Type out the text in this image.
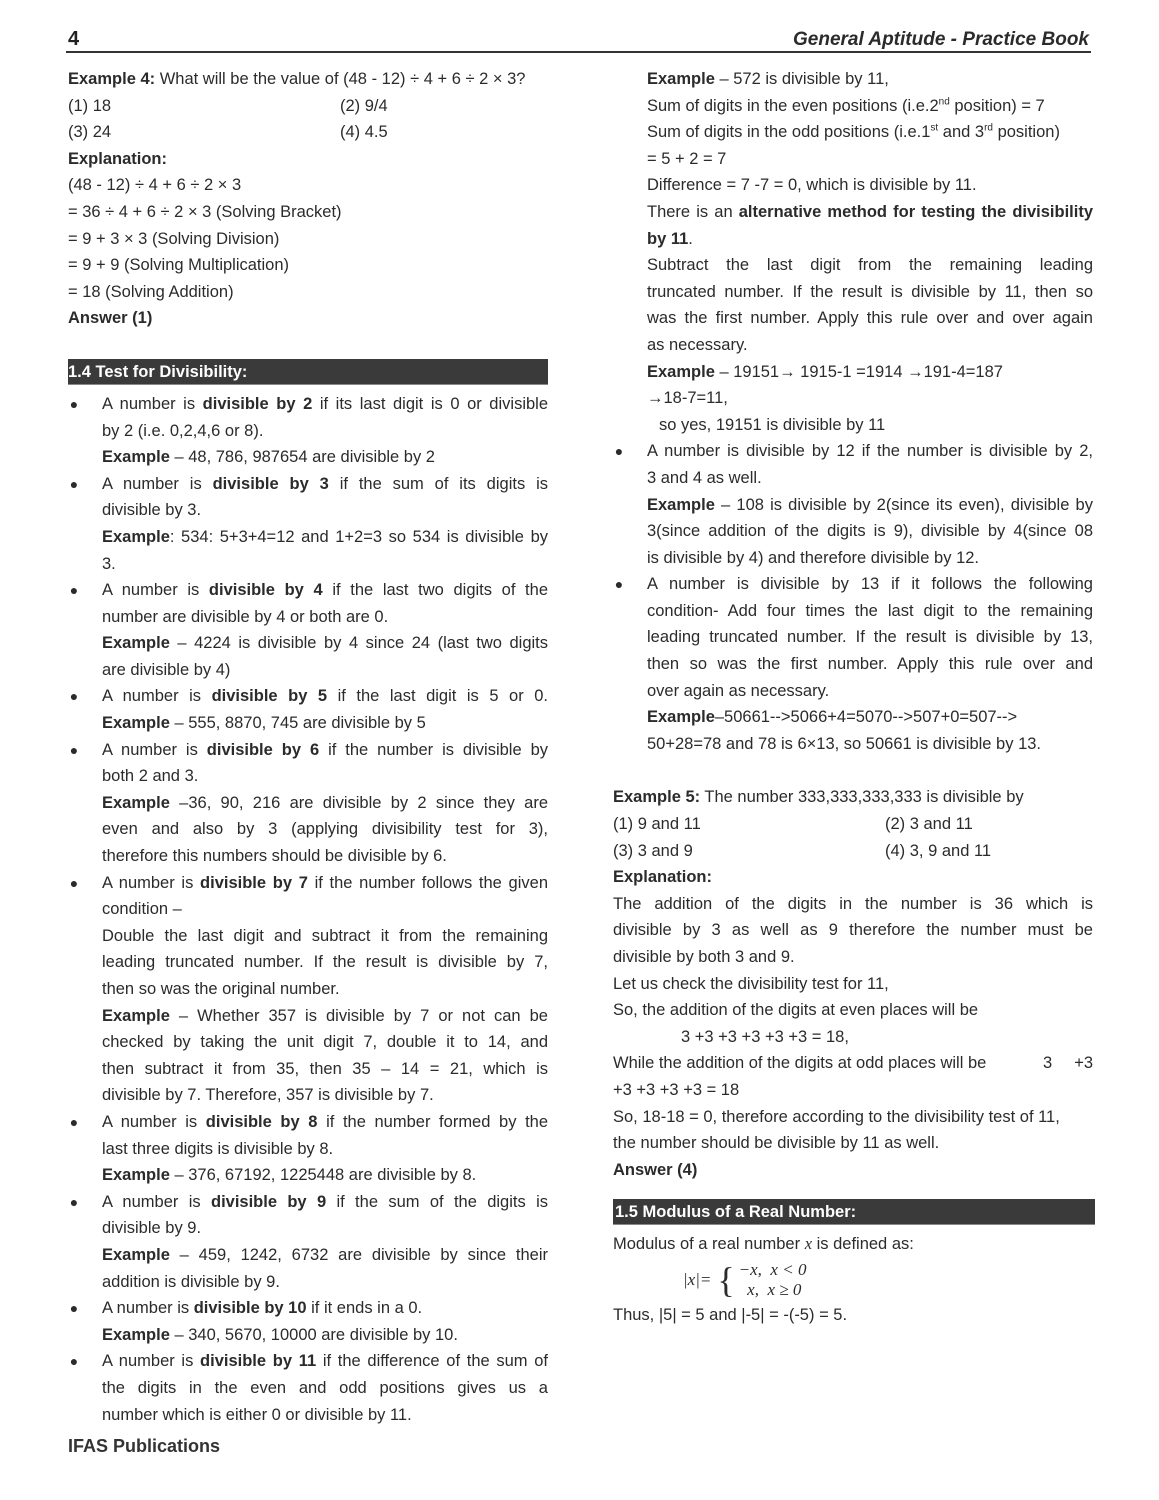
4	General Aptitude - Practice Book
Example 4: What will be the value of (48 - 12) ÷ 4 + 6 ÷ 2 × 3?
(1) 18	(2) 9/4
(3) 24	(4) 4.5
Explanation:
(48 - 12) ÷ 4 + 6 ÷ 2 × 3
= 36 ÷ 4 + 6 ÷ 2 × 3 (Solving Bracket)
= 9 + 3 × 3 (Solving Division)
= 9 + 9 (Solving Multiplication)
= 18 (Solving Addition)
Answer (1)
1.4 Test for Divisibility:
● A number is divisible by 2 if its last digit is 0 or divisible
by 2 (i.e. 0,2,4,6 or 8).
Example – 48, 786, 987654 are divisible by 2
● A number is divisible by 3 if the sum of its digits is
divisible by 3.
Example: 534: 5+3+4=12 and 1+2=3 so 534 is divisible by
3.
● A number is divisible by 4 if the last two digits of the
number are divisible by 4 or both are 0.
Example – 4224 is divisible by 4 since 24 (last two digits
are divisible by 4)
● A number is divisible by 5 if the last digit is 5 or 0.
Example – 555, 8870, 745 are divisible by 5
● A number is divisible by 6 if the number is divisible by
both 2 and 3.
Example –36, 90, 216 are divisible by 2 since they are
even and also by 3 (applying divisibility test for 3),
therefore this numbers should be divisible by 6.
● A number is divisible by 7 if the number follows the given
condition –
Double the last digit and subtract it from the remaining
leading truncated number. If the result is divisible by 7,
then so was the original number.
Example – Whether 357 is divisible by 7 or not can be
checked by taking the unit digit 7, double it to 14, and
then subtract it from 35, then 35 – 14 = 21, which is
divisible by 7. Therefore, 357 is divisible by 7.
● A number is divisible by 8 if the number formed by the
last three digits is divisible by 8.
Example – 376, 67192, 1225448 are divisible by 8.
● A number is divisible by 9 if the sum of the digits is
divisible by 9.
Example – 459, 1242, 6732 are divisible by since their
addition is divisible by 9.
● A number is divisible by 10 if it ends in a 0.
Example – 340, 5670, 10000 are divisible by 10.
● A number is divisible by 11 if the difference of the sum of
the digits in the even and odd positions gives us a
number which is either 0 or divisible by 11.
Example – 572 is divisible by 11,
Sum of digits in the even positions (i.e.2nd position) = 7
Sum of digits in the odd positions (i.e.1st and 3rd position)
= 5 + 2 = 7
Difference = 7 -7 = 0, which is divisible by 11.
There is an alternative method for testing the divisibility
by 11.
Subtract the last digit from the remaining leading
truncated number. If the result is divisible by 11, then so
was the first number. Apply this rule over and over again
as necessary.
Example – 19151→ 1915-1 =1914 →191-4=187
→18-7=11,
so yes, 19151 is divisible by 11
● A number is divisible by 12 if the number is divisible by 2,
3 and 4 as well.
Example – 108 is divisible by 2(since its even), divisible by
3(since addition of the digits is 9), divisible by 4(since 08
is divisible by 4) and therefore divisible by 12.
● A number is divisible by 13 if it follows the following
condition- Add four times the last digit to the remaining
leading truncated number. If the result is divisible by 13,
then so was the first number. Apply this rule over and
over again as necessary.
Example–50661-->5066+4=5070-->507+0=507-->
50+28=78 and 78 is 6×13, so 50661 is divisible by 13.
Example 5: The number 333,333,333,333 is divisible by
(1) 9 and 11	(2) 3 and 11
(3) 3 and 9	(4) 3, 9 and 11
Explanation:
The addition of the digits in the number is 36 which is
divisible by 3 as well as 9 therefore the number must be
divisible by both 3 and 9.
Let us check the divisibility test for 11,
So, the addition of the digits at even places will be
3 +3 +3 +3 +3 +3 = 18,
While the addition of the digits at odd places will be	3 +3
+3 +3 +3 +3 = 18
So, 18-18 = 0, therefore according to the divisibility test of 11,
the number should be divisible by 11 as well.
Answer (4)
1.5 Modulus of a Real Number:
Modulus of a real number x is defined as:
|x|= { −x,  x < 0
x,  x ≥ 0
Thus, |5| = 5 and |-5| = -(-5) = 5.
IFAS Publications
